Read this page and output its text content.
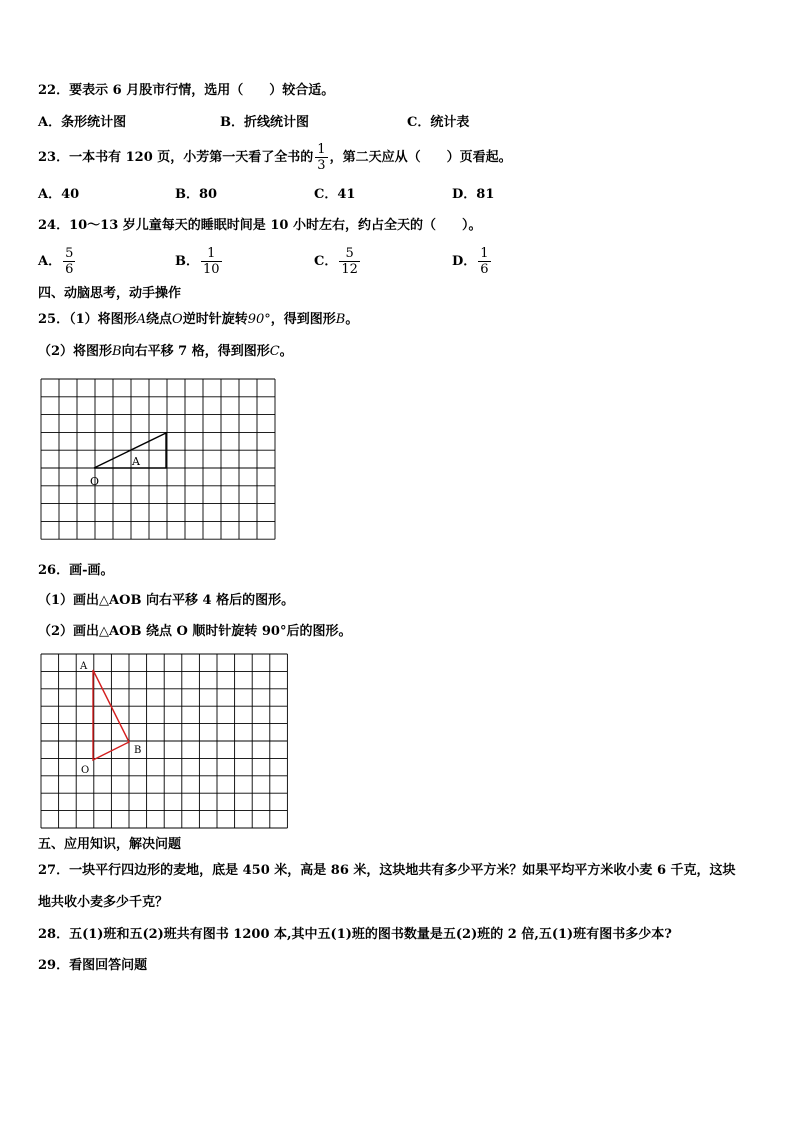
22．要表示 6 月股市行情，选用（　　）较合适。
A．条形统计图	B．折线统计图	C．统计表
23．一本书有 120 页，小芳第一天看了全书的 $\frac{1}{3}$ ，第二天应从（　　）页看起。
A．40	B．80	C．41	D．81
24．10～13 岁儿童每天的睡眠时间是 10 小时左右，约占全天的（　　）。
A． $\frac{5}{6}$	B． $\frac{1}{10}$	C． $\frac{5}{12}$	D． $\frac{1}{6}$
四、动脑思考，动手操作
25．（1）将图形A绕点O逆时针旋转90°，得到图形B。
（2）将图形B向右平移 7 格，得到图形C。
A
O
26．画-画。
（1）画出△AOB 向右平移 4 格后的图形。
（2）画出△AOB 绕点 O 顺时针旋转 90°后的图形。
A
B
O
五、应用知识，解决问题
27．一块平行四边形的麦地，底是 450 米，高是 86 米，这块地共有多少平方米？如果平均平方米收小麦 6 千克，这块
地共收小麦多少千克？
28．五(1)班和五(2)班共有图书 1200 本,其中五(1)班的图书数量是五(2)班的 2 倍,五(1)班有图书多少本?
29．看图回答问题
